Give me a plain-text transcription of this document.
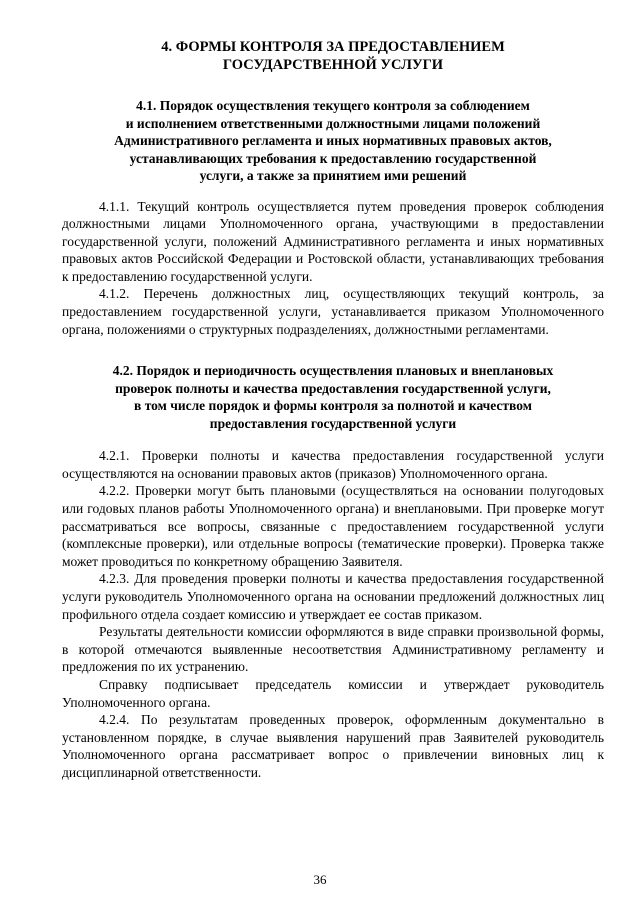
4. ФОРМЫ КОНТРОЛЯ ЗА ПРЕДОСТАВЛЕНИЕМ
ГОСУДАРСТВЕННОЙ УСЛУГИ
4.1. Порядок осуществления текущего контроля за соблюдением
и исполнением ответственными должностными лицами положений
Административного регламента и иных нормативных правовых актов,
устанавливающих требования к предоставлению государственной
услуги, а также за принятием ими решений

4.1.1. Текущий контроль осуществляется путем проведения проверок соблюдения должностными лицами Уполномоченного органа, участвующими в предоставлении государственной услуги, положений Административного регламента и иных нормативных правовых актов Российской Федерации и Ростовской области, устанавливающих требования к предоставлению государственной услуги.

4.1.2. Перечень должностных лиц, осуществляющих текущий контроль, за предоставлением государственной услуги, устанавливается приказом Уполномоченного органа, положениями о структурных подразделениях, должностными регламентами.

4.2. Порядок и периодичность осуществления плановых и внеплановых
проверок полноты и качества предоставления государственной услуги,
в том числе порядок и формы контроля за полнотой и качеством
предоставления государственной услуги

4.2.1. Проверки полноты и качества предоставления государственной услуги осуществляются на основании правовых актов (приказов) Уполномоченного органа.

4.2.2. Проверки могут быть плановыми (осуществляться на основании полугодовых или годовых планов работы Уполномоченного органа) и внеплановыми. При проверке могут рассматриваться все вопросы, связанные с предоставлением государственной услуги (комплексные проверки), или отдельные вопросы (тематические проверки). Проверка также может проводиться по конкретному обращению Заявителя.

4.2.3. Для проведения проверки полноты и качества предоставления государственной услуги руководитель Уполномоченного органа на основании предложений должностных лиц профильного отдела создает комиссию и утверждает ее состав приказом.

Результаты деятельности комиссии оформляются в виде справки произвольной формы, в которой отмечаются выявленные несоответствия Административному регламенту и предложения по их устранению.

Справку подписывает председатель комиссии и утверждает руководитель Уполномоченного органа.

4.2.4. По результатам проведенных проверок, оформленным документально в установленном порядке, в случае выявления нарушений прав Заявителей руководитель Уполномоченного органа рассматривает вопрос о привлечении виновных лиц к дисциплинарной ответственности.

36
